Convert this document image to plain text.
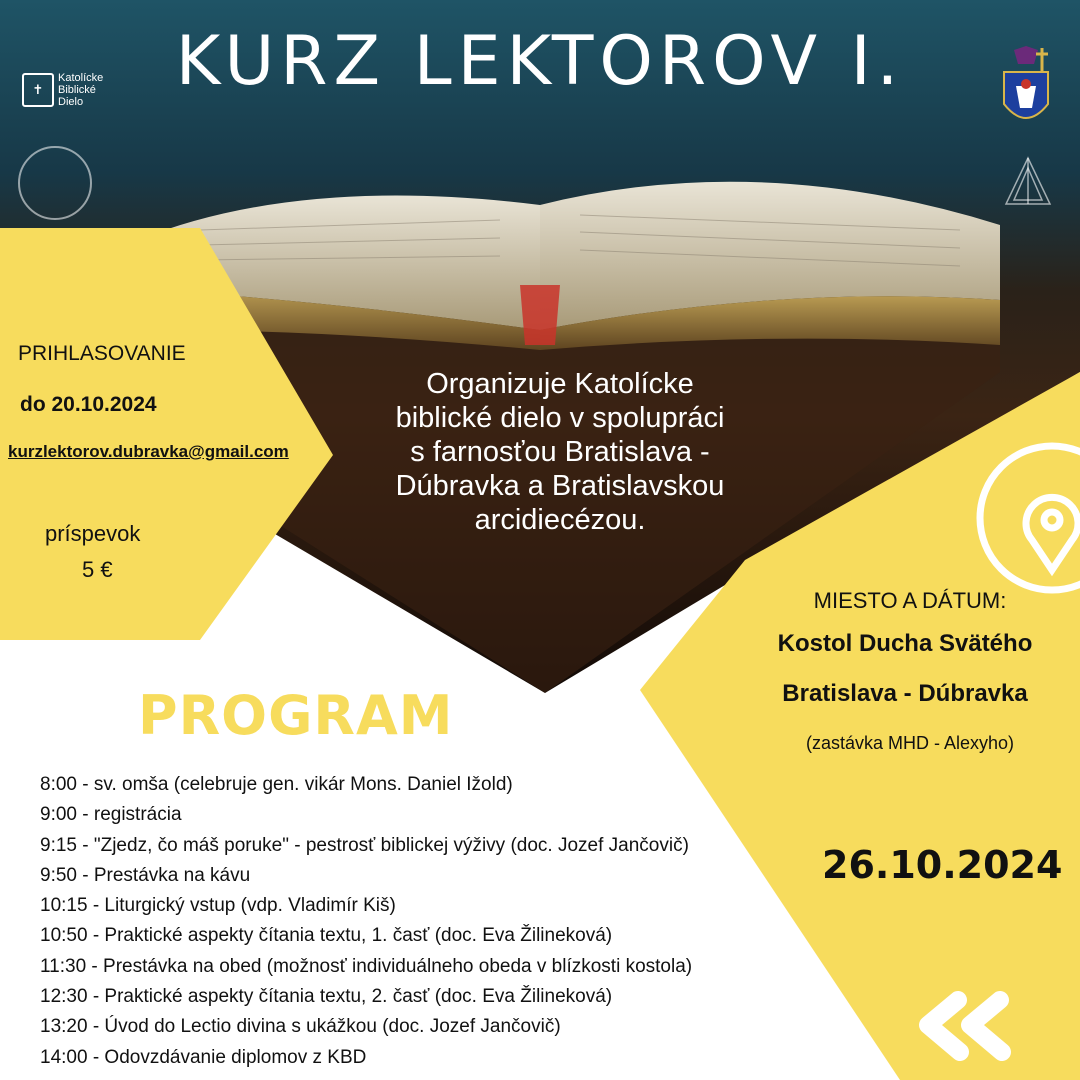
KURZ LEKTOROV I.
✝
Katolícke
Biblické
Dielo
PRIHLASOVANIE
do 20.10.2024
kurzlektorov.dubravka@gmail.com
príspevok
5 €
Organizuje Katolícke
biblické dielo v spolupráci
s farnosťou Bratislava -
Dúbravka a Bratislavskou
arcidiecézou.
MIESTO A DÁTUM:
Kostol Ducha Svätého
Bratislava - Dúbravka
(zastávka MHD - Alexyho)
26.10.2024
PROGRAM
8:00 - sv. omša (celebruje gen. vikár Mons. Daniel Ižold)
9:00 - registrácia
9:15 - "Zjedz, čo máš poruke" - pestrosť biblickej výživy (doc. Jozef Jančovič)
9:50 - Prestávka na kávu
10:15 - Liturgický vstup (vdp. Vladimír Kiš)
10:50 - Praktické aspekty čítania textu, 1. časť (doc. Eva Žilineková)
11:30 - Prestávka na obed (možnosť individuálneho obeda v blízkosti kostola)
12:30 - Praktické aspekty čítania textu, 2. časť (doc. Eva Žilineková)
13:20 - Úvod do Lectio divina s ukážkou (doc. Jozef Jančovič)
14:00 - Odovzdávanie diplomov z KBD
